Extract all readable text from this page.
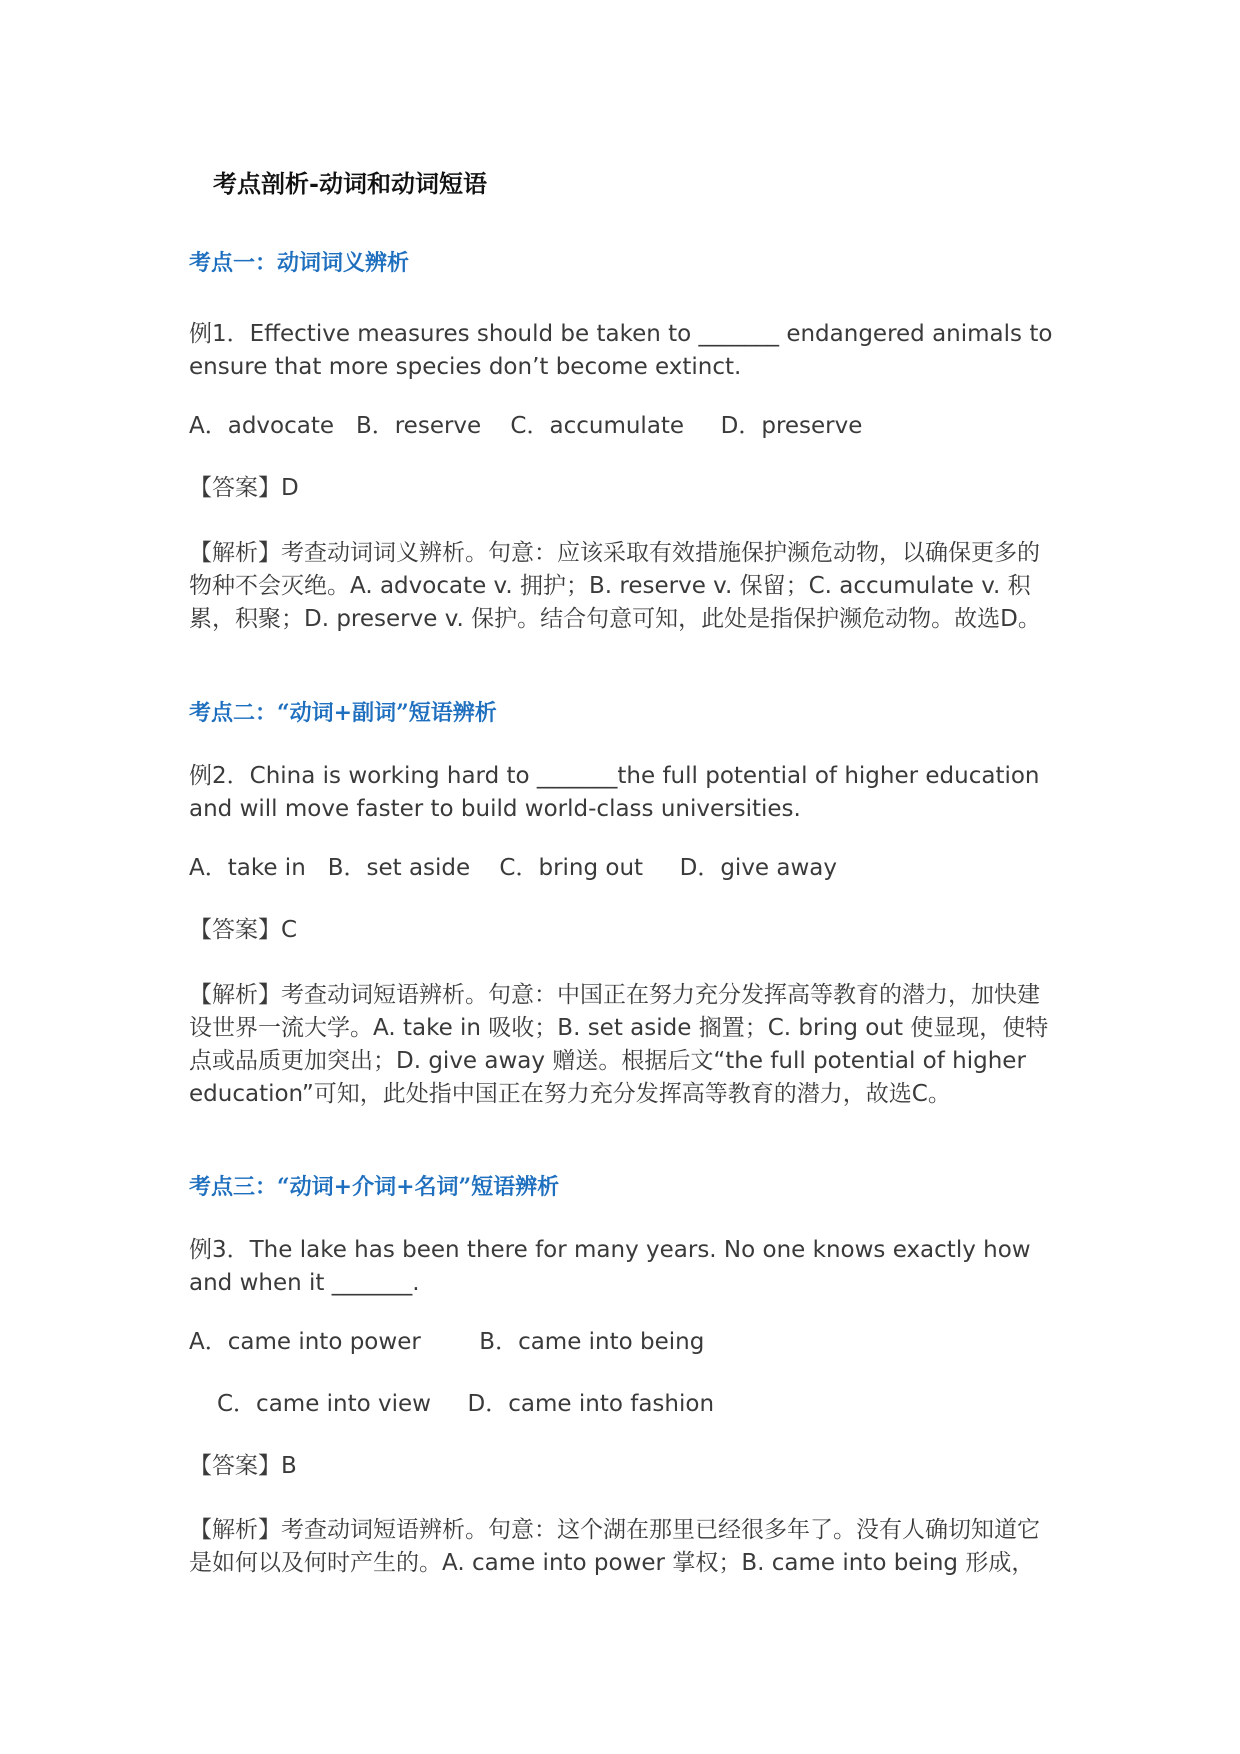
考点剖析-动词和动词短语
考点一：动词词义辨析

例1．Effective measures should be taken to _______ endangered animals to ensure that more species don’t become extinct.

A．advocate   B．reserve    C．accumulate     D．preserve

【答案】D

【解析】考查动词词义辨析。句意：应该采取有效措施保护濒危动物，以确保更多的物种不会灭绝。A. advocate v. 拥护；B. reserve v. 保留；C. accumulate v. 积累，积聚；D. preserve v. 保护。结合句意可知，此处是指保护濒危动物。故选D。

考点二：“动词+副词”短语辨析

例2．China is working hard to _______the full potential of higher education and will move faster to build world-class universities.

A．take in   B．set aside    C．bring out     D．give away

【答案】C

【解析】考查动词短语辨析。句意：中国正在努力充分发挥高等教育的潜力，加快建设世界一流大学。A. take in 吸收；B. set aside 搁置；C. bring out 使显现，使特点或品质更加突出；D. give away 赠送。根据后文“the full potential of higher education”可知，此处指中国正在努力充分发挥高等教育的潜力，故选C。

考点三：“动词+介词+名词”短语辨析

例3．The lake has been there for many years. No one knows exactly how and when it _______.

A．came into power        B．came into being

C．came into view     D．came into fashion

【答案】B

【解析】考查动词短语辨析。句意：这个湖在那里已经很多年了。没有人确切知道它是如何以及何时产生的。A. came into power 掌权；B. came into being 形成，
